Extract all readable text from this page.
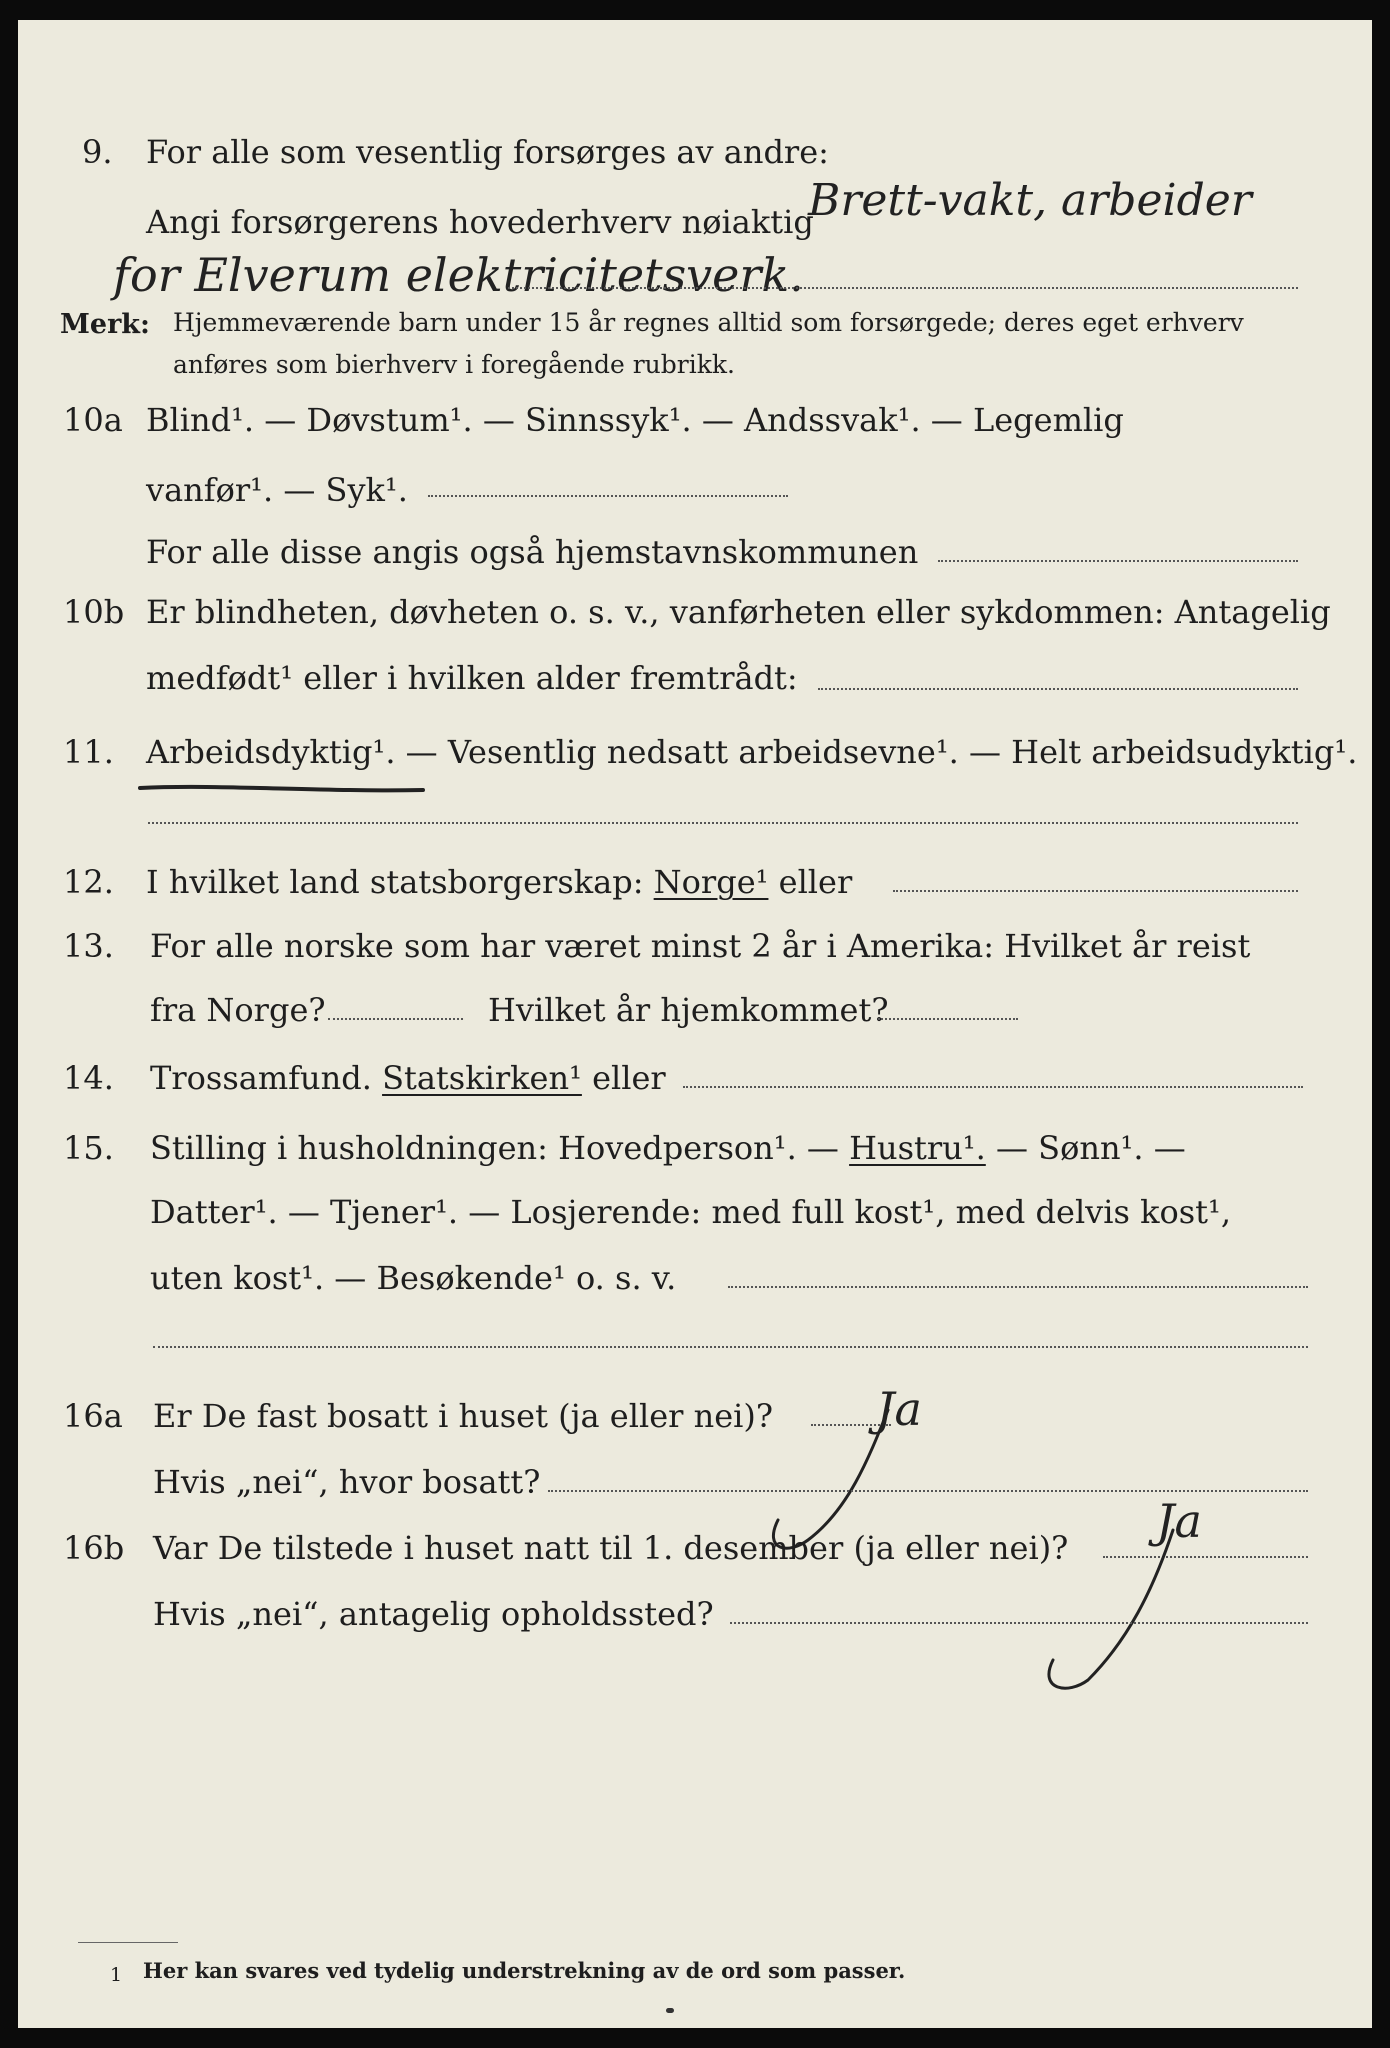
9. For alle som vesentlig forsørges av andre:
Angi forsørgerens hovederhverv nøiaktig
Brett-vakt, arbeider
for Elverum elektricitetsverk.
Merk: Hjemmeværende barn under 15 år regnes alltid som forsørgede; deres eget erhverv
anføres som bierhverv i foregående rubrikk.
10a Blind¹. — Døvstum¹. — Sinnssyk¹. — Andssvak¹. — Legemlig
vanfør¹. — Syk¹.
For alle disse angis også hjemstavnskommunen
10b Er blindheten, døvheten o. s. v., vanførheten eller sykdommen: Antagelig
medfødt¹ eller i hvilken alder fremtrådt:
11. Arbeidsdyktig¹. — Vesentlig nedsatt arbeidsevne¹. — Helt arbeidsudyktig¹.
12. I hvilket land statsborgerskap: Norge¹ eller
13. For alle norske som har været minst 2 år i Amerika: Hvilket år reist
fra Norge?	Hvilket år hjemkommet?
14. Trossamfund. Statskirken¹ eller
15. Stilling i husholdningen: Hovedperson¹. — Hustru¹. — Sønn¹. —
Datter¹. — Tjener¹. — Losjerende: med full kost¹, med delvis kost¹,
uten kost¹. — Besøkende¹ o. s. v.
16a Er De fast bosatt i huset (ja eller nei)? Ja
Hvis „nei“, hvor bosatt?
16b Var De tilstede i huset natt til 1. desember (ja eller nei)? Ja
Hvis „nei“, antagelig opholdssted?
1 Her kan svares ved tydelig understrekning av de ord som passer.
